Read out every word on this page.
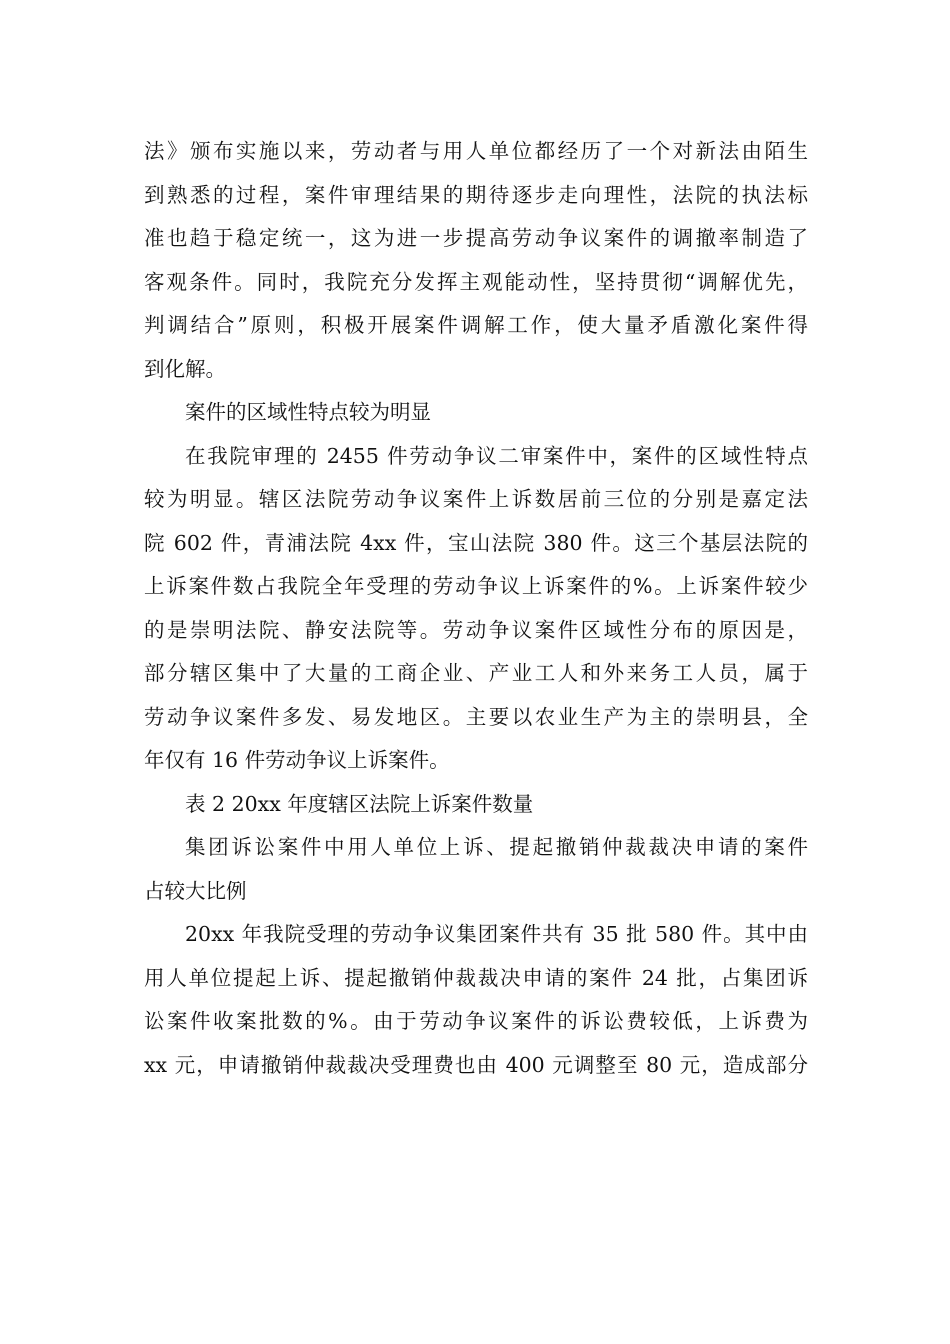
法》颁布实施以来，劳动者与用人单位都经历了一个对新法由陌生
到熟悉的过程，案件审理结果的期待逐步走向理性，法院的执法标
准也趋于稳定统一，这为进一步提高劳动争议案件的调撤率制造了
客观条件。同时，我院充分发挥主观能动性，坚持贯彻“调解优先，
判调结合”原则，积极开展案件调解工作，使大量矛盾激化案件得
到化解。
案件的区域性特点较为明显
在我院审理的 2455 件劳动争议二审案件中，案件的区域性特点
较为明显。辖区法院劳动争议案件上诉数居前三位的分别是嘉定法
院 602 件，青浦法院 4xx 件，宝山法院 380 件。这三个基层法院的
上诉案件数占我院全年受理的劳动争议上诉案件的%。上诉案件较少
的是崇明法院、静安法院等。劳动争议案件区域性分布的原因是，
部分辖区集中了大量的工商企业、产业工人和外来务工人员，属于
劳动争议案件多发、易发地区。主要以农业生产为主的崇明县，全
年仅有 16 件劳动争议上诉案件。
表 2 20xx 年度辖区法院上诉案件数量
集团诉讼案件中用人单位上诉、提起撤销仲裁裁决申请的案件
占较大比例
20xx 年我院受理的劳动争议集团案件共有 35 批 580 件。其中由
用人单位提起上诉、提起撤销仲裁裁决申请的案件 24 批，占集团诉
讼案件收案批数的%。由于劳动争议案件的诉讼费较低，上诉费为
xx 元，申请撤销仲裁裁决受理费也由 400 元调整至 80 元，造成部分
